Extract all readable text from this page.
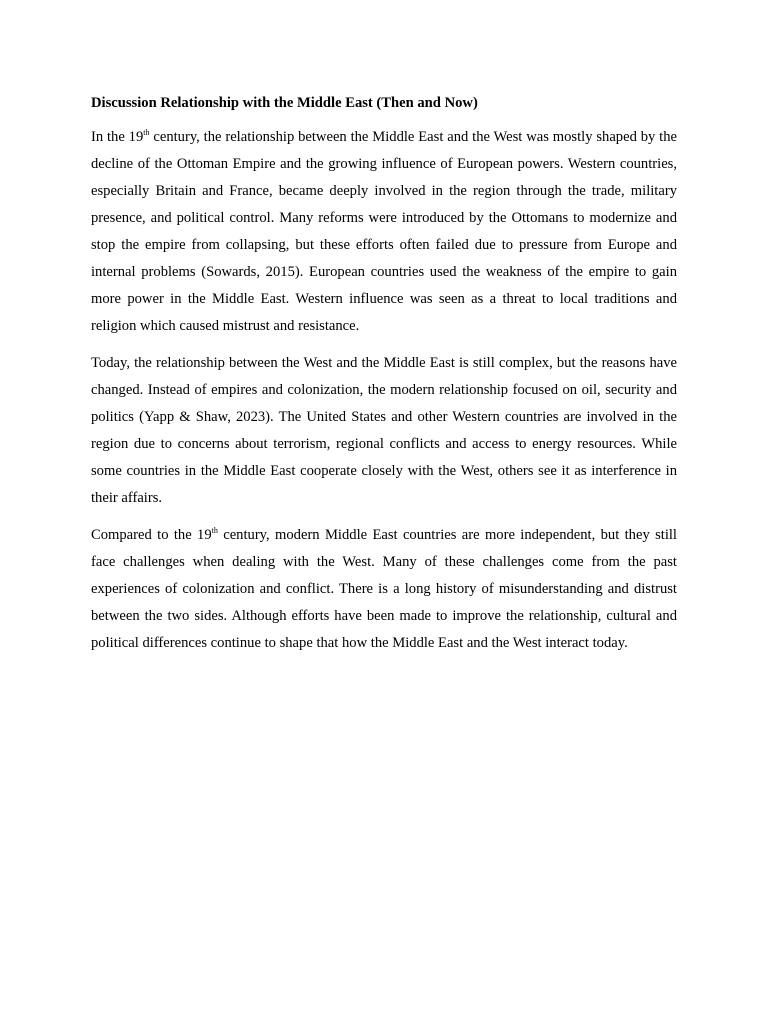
Discussion Relationship with the Middle East (Then and Now)

In the 19th century, the relationship between the Middle East and the West was mostly shaped by the decline of the Ottoman Empire and the growing influence of European powers. Western countries, especially Britain and France, became deeply involved in the region through the trade, military presence, and political control. Many reforms were introduced by the Ottomans to modernize and stop the empire from collapsing, but these efforts often failed due to pressure from Europe and internal problems (Sowards, 2015). European countries used the weakness of the empire to gain more power in the Middle East. Western influence was seen as a threat to local traditions and religion which caused mistrust and resistance.

Today, the relationship between the West and the Middle East is still complex, but the reasons have changed. Instead of empires and colonization, the modern relationship focused on oil, security and politics (Yapp & Shaw, 2023). The United States and other Western countries are involved in the region due to concerns about terrorism, regional conflicts and access to energy resources. While some countries in the Middle East cooperate closely with the West, others see it as interference in their affairs.

Compared to the 19th century, modern Middle East countries are more independent, but they still face challenges when dealing with the West. Many of these challenges come from the past experiences of colonization and conflict. There is a long history of misunderstanding and distrust between the two sides. Although efforts have been made to improve the relationship, cultural and political differences continue to shape that how the Middle East and the West interact today.
